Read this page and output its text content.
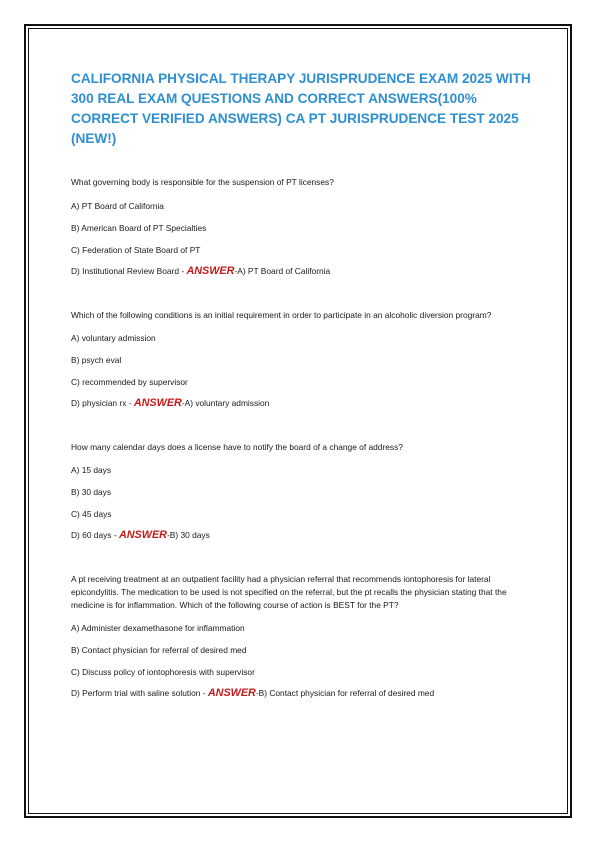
CALIFORNIA PHYSICAL THERAPY JURISPRUDENCE EXAM 2025 WITH 300 REAL EXAM QUESTIONS AND CORRECT ANSWERS(100% CORRECT VERIFIED ANSWERS) CA PT JURISPRUDENCE TEST 2025 (NEW!)

What governing body is responsible for the suspension of PT licenses?

A) PT Board of California

B) American Board of PT Specialties

C) Federation of State Board of PT

D) Institutional Review Board - ANSWER-A) PT Board of California

Which of the following conditions is an initial requirement in order to participate in an alcoholic diversion program?

A) voluntary admission

B) psych eval

C) recommended by supervisor

D) physician rx - ANSWER-A) voluntary admission

How many calendar days does a license have to notify the board of a change of address?

A) 15 days

B) 30 days

C) 45 days

D) 60 days - ANSWER-B) 30 days

A pt receiving treatment at an outpatient facility had a physician referral that recommends iontophoresis for lateral epicondylitis. The medication to be used is not specified on the referral, but the pt recalls the physician stating that the medicine is for inflammation. Which of the following course of action is BEST for the PT?

A) Administer dexamethasone for inflammation

B) Contact physician for referral of desired med

C) Discuss policy of iontophoresis with supervisor

D) Perform trial with saline solution - ANSWER-B) Contact physician for referral of desired med
